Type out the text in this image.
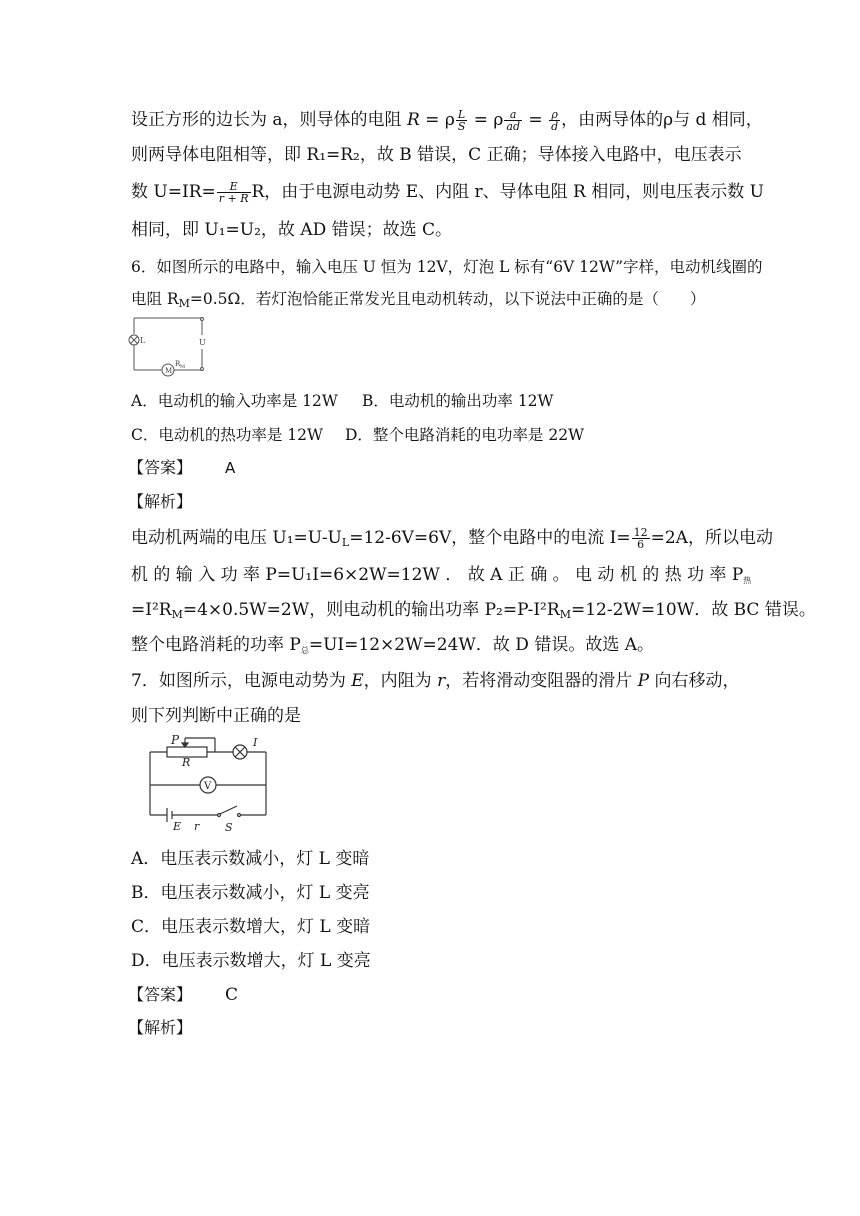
设正方形的边长为 a，则导体的电阻 R = ρ $\frac{L}{S} = \rho \frac{a}{ad} = \frac{\rho}{d}$ ，由两导体的ρ与 d 相同，
则两导体电阻相等，即 R₁=R₂，故 B 错误，C 正确；导体接入电路中，电压表示
数 $U=IR= \frac{E}{r + R}$ R，由于电源电动势 E、内阻 r、导体电阻 R 相同，则电压表示数 U
相同，即 U₁=U₂，故 AD 错误；故选 C。
6．如图所示的电路中，输入电压 U 恒为 12V，灯泡 L 标有“6V 12W”字样，电动机线圈的
电阻 $R_M=0.5\Omega$．若灯泡恰能正常发光且电动机转动，以下说法中正确的是（　　）
L	U
M
R M
A．电动机的输入功率是 12W B．电动机的输出功率 12W
C．电动机的热功率是 12W D．整个电路消耗的电功率是 22W
【答案】 A
【解析】
电动机两端的电压 $U_1=U-U_L=12-6V=6V$，整个电路中的电流 $I= \frac{12}{6} =2A$，所以电动
机 的 输 入 功 率 P=U₁I=6×2W=12W ． 故 A 正 确 。 电 动 机 的 热 功 率 $P_热$
$=I^2R_M=4\times 0.5W=2W$，则电动机的输出功率 $P_2=P-I^2R_M=12-2W=10W$．故 BC 错误。
整个电路消耗的功率 $P_总=UI=12\times 2W=24W$．故 D 错误。故选 A。
7．如图所示，电源电动势为 E，内阻为 r，若将滑动变阻器的滑片 P 向右移动，
则下列判断中正确的是
P
R
I
V
E r S
A．电压表示数减小，灯 L 变暗
B．电压表示数减小，灯 L 变亮
C．电压表示数增大，灯 L 变暗
D．电压表示数增大，灯 L 变亮
【答案】 C
【解析】
